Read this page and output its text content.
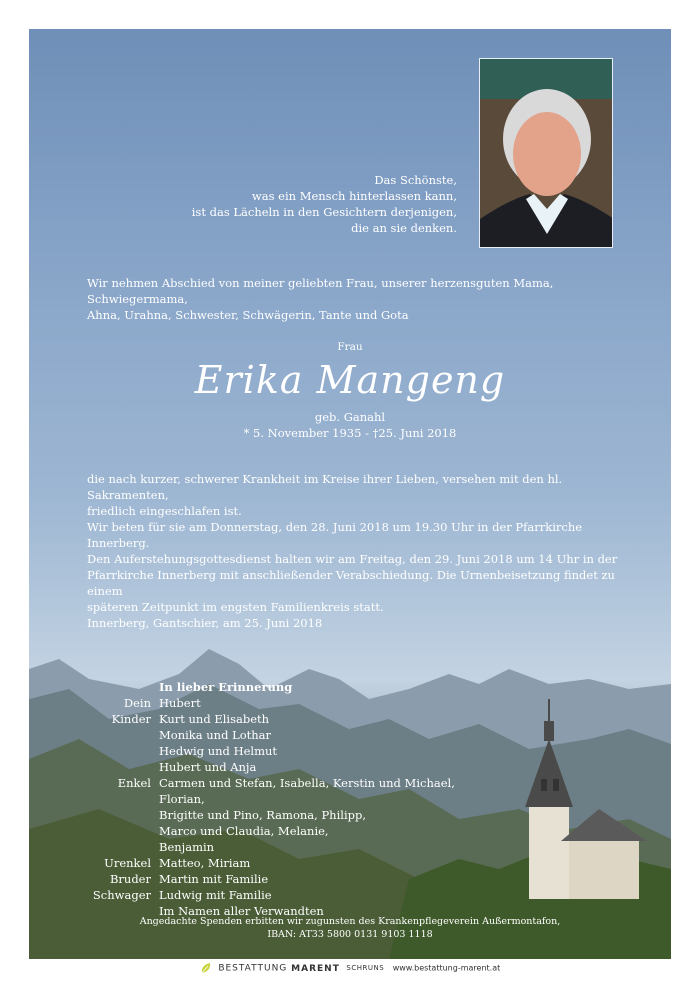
Das Schönste,
was ein Mensch hinterlassen kann,
ist das Lächeln in den Gesichtern derjenigen,
die an sie denken.
Wir nehmen Abschied von meiner geliebten Frau, unserer herzensguten Mama, Schwiegermama,
Ahna, Urahna, Schwester, Schwägerin, Tante und Gota
Frau
Erika Mangeng
geb. Ganahl
* 5. November 1935 - †25. Juni 2018
die nach kurzer, schwerer Krankheit im Kreise ihrer Lieben, versehen mit den hl. Sakramenten,
friedlich eingeschlafen ist.
Wir beten für sie am Donnerstag, den 28. Juni 2018 um 19.30 Uhr in der Pfarrkirche Innerberg.
Den Auferstehungsgottesdienst halten wir am Freitag, den 29. Juni 2018 um 14 Uhr in der
Pfarrkirche Innerberg mit anschließender Verabschiedung. Die Urnenbeisetzung findet zu einem
späteren Zeitpunkt im engsten Familienkreis statt.
Innerberg, Gantschier, am 25. Juni 2018
In lieber Erinnerung
Dein Hubert
Kinder Kurt und Elisabeth
Monika und Lothar
Hedwig und Helmut
Hubert und Anja
Enkel Carmen und Stefan, Isabella, Kerstin und Michael, Florian,
Brigitte und Pino, Ramona, Philipp,
Marco und Claudia, Melanie,
Benjamin
Urenkel Matteo, Miriam
Bruder Martin mit Familie
Schwager Ludwig mit Familie
Im Namen aller Verwandten
Angedachte Spenden erbitten wir zugunsten des Krankenpflegeverein Außermontafon,
IBAN: AT33 5800 0131 9103 1118
BESTATTUNG MARENT SCHRUNS www.bestattung-marent.at
